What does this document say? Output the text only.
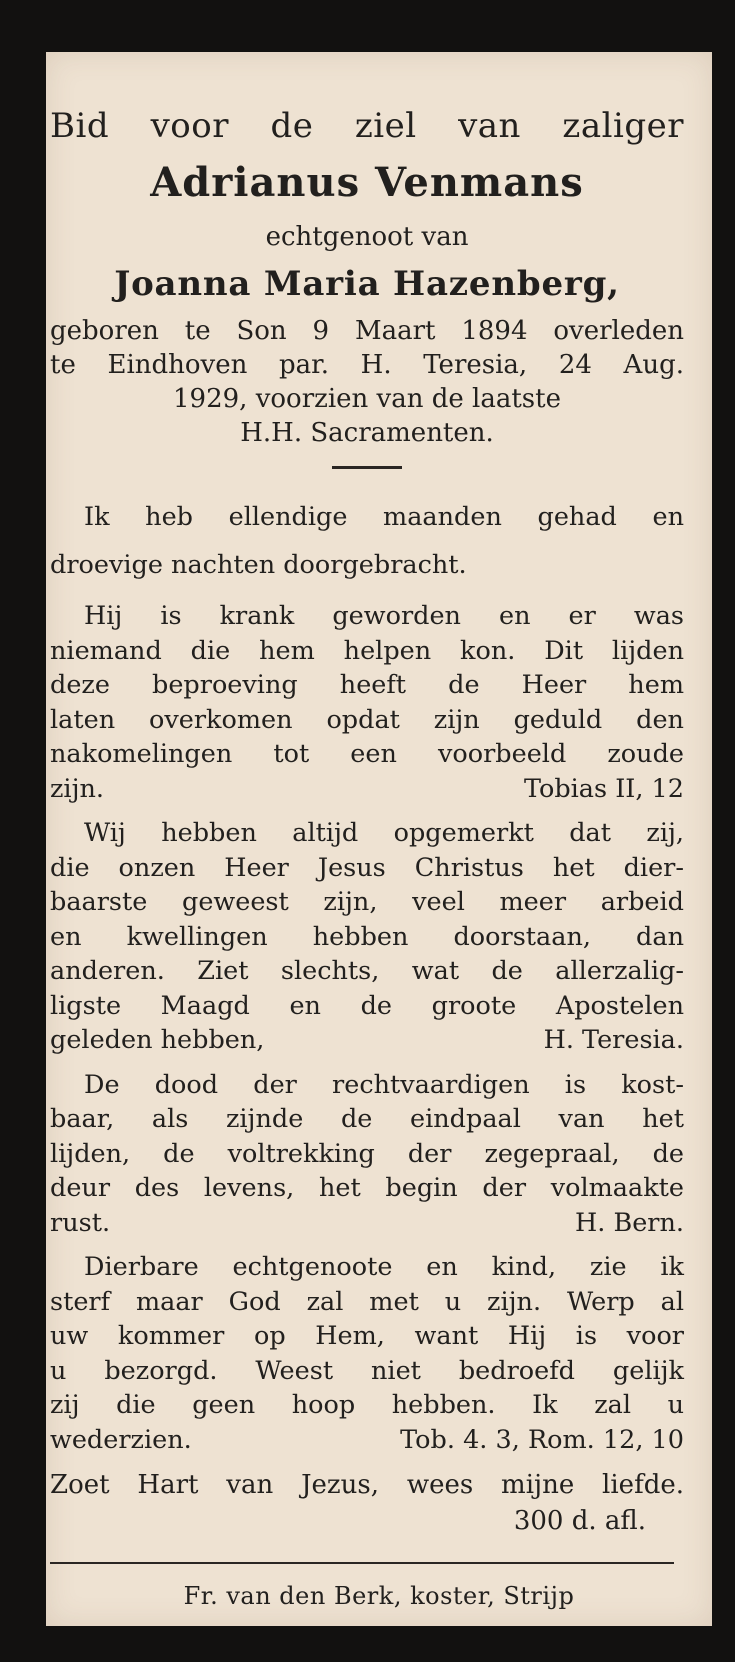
Bid voor de ziel van zaliger
Adrianus Venmans
echtgenoot van
Joanna Maria Hazenberg,
geboren te Son 9 Maart 1894 overleden
te Eindhoven par. H. Teresia, 24 Aug.
1929, voorzien van de laatste
H.H. Sacramenten.
Ik heb ellendige maanden gehad en
droevige nachten doorgebracht.
Hij is krank geworden en er was
niemand die hem helpen kon. Dit lijden
deze beproeving heeft de Heer hem
laten overkomen opdat zijn geduld den
nakomelingen tot een voorbeeld zoude
zijn.	Tobias II, 12
Wij hebben altijd opgemerkt dat zij,
die onzen Heer Jesus Christus het dier-
baarste geweest zijn, veel meer arbeid
en kwellingen hebben doorstaan, dan
anderen. Ziet slechts, wat de allerzalig-
ligste Maagd en de groote Apostelen
geleden hebben,	H. Teresia.
De dood der rechtvaardigen is kost-
baar, als zijnde de eindpaal van het
lijden, de voltrekking der zegepraal, de
deur des levens, het begin der volmaakte
rust.	H. Bern.
Dierbare echtgenoote en kind, zie ik
sterf maar God zal met u zijn. Werp al
uw kommer op Hem, want Hij is voor
u bezorgd. Weest niet bedroefd gelijk
zij die geen hoop hebben. Ik zal u
wederzien.	Tob. 4. 3, Rom. 12, 10
Zoet Hart van Jezus, wees mijne liefde.
300 d. afl.
Fr. van den Berk, koster, Strijp
